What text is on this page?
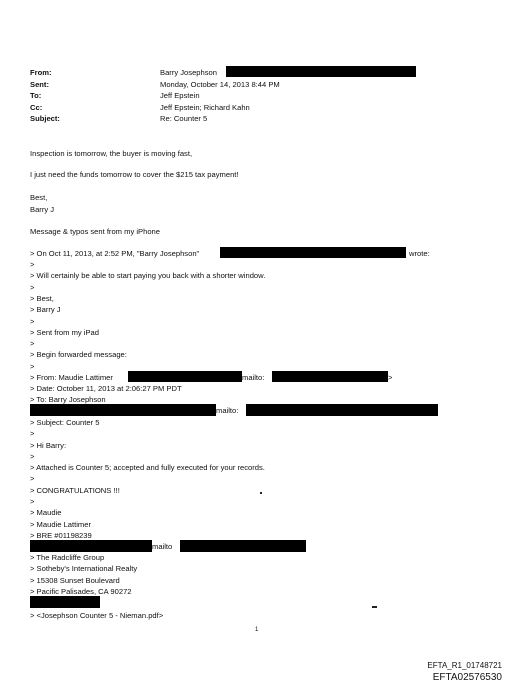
From:	Barry Josephson
Sent:	Monday, October 14, 2013 8:44 PM
To:	Jeff Epstein
Cc:	Jeff Epstein; Richard Kahn
Subject:	Re: Counter 5
Inspection is tomorrow, the buyer is moving fast,
I just need the funds tomorrow to cover the $215 tax payment!
Best,
Barry J
Message & typos sent from my iPhone
> On Oct 11, 2013, at 2:52 PM, "Barry Josephson"	wrote:
>
> Will certainly be able to start paying you back with a shorter window.
>
> Best,
> Barry J
>
> Sent from my iPad
>
> Begin forwarded message:
>
> From: Maudie Lattimer	mailto:	>
> Date: October 11, 2013 at 2:06:27 PM PDT
> To: Barry Josephson
mailto:
> Subject: Counter 5
>
> Hi Barry:
>
> Attached is Counter 5; accepted and fully executed for your records.
>
> CONGRATULATIONS !!!
>
> Maudie
> Maudie Lattimer
> BRE #01198239
mailto
> The Radcliffe Group
> Sotheby's International Realty
> 15308 Sunset Boulevard
> Pacific Palisades, CA 90272
> <Josephson Counter 5 - Nieman.pdf>
1
EFTA_R1_01748721
EFTA02576530
